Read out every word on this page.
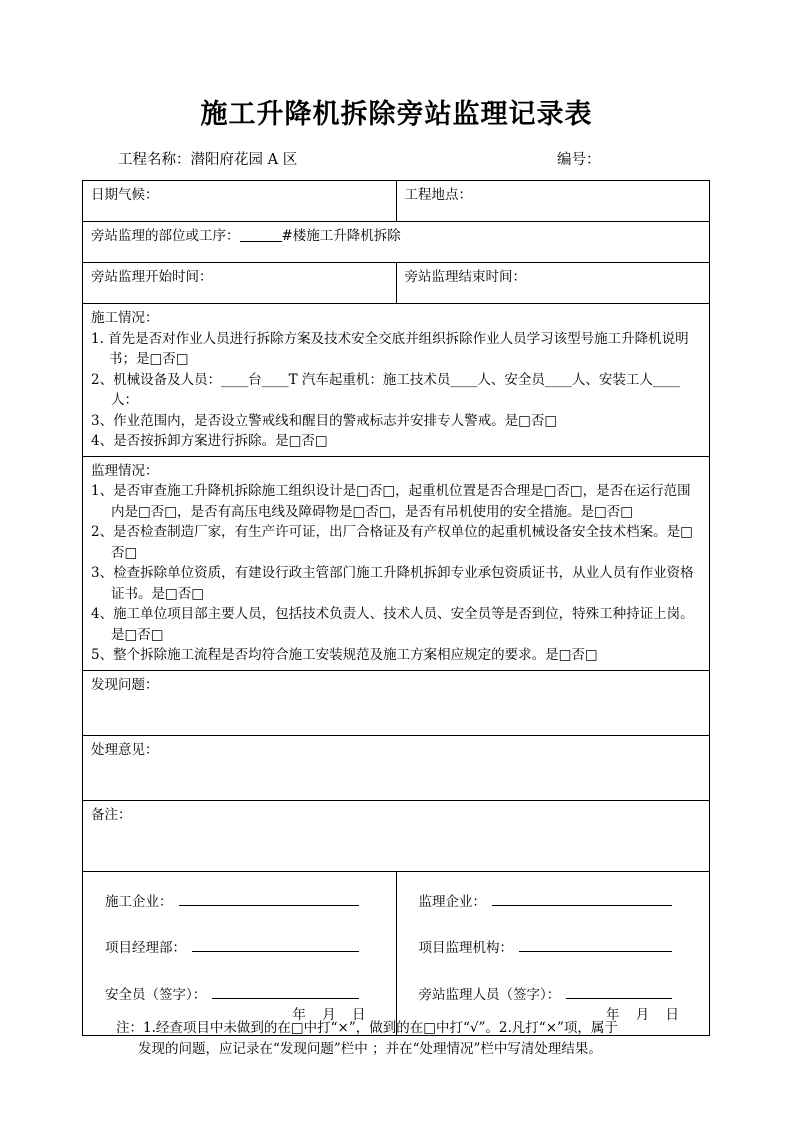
施工升降机拆除旁站监理记录表
工程名称：潜阳府花园 A 区	编号：
日期气候：	工程地点：
旁站监理的部位或工序： #楼施工升降机拆除	
旁站监理开始时间：	旁站监理结束时间：

施工情况：
1. 首先是否对作业人员进行拆除方案及技术安全交底并组织拆除作业人员学习该型号施工升降机说明书；是□否□
2、机械设备及人员：____台____T 汽车起重机：施工技术员____人、安全员____人、安装工人____人：
3、作业范围内，是否设立警戒线和醒目的警戒标志并安排专人警戒。是□否□
4、是否按拆卸方案进行拆除。是□否□	

监理情况：
1、是否审查施工升降机拆除施工组织设计是□否□，起重机位置是否合理是□否□，是否在运行范围内是□否□，是否有高压电线及障碍物是□否□，是否有吊机使用的安全措施。是□否□
2、是否检查制造厂家，有生产许可证，出厂合格证及有产权单位的起重机械设备安全技术档案。是□否□
3、检查拆除单位资质，有建设行政主管部门施工升降机拆卸专业承包资质证书，从业人员有作业资格证书。是□否□
4、施工单位项目部主要人员，包括技术负责人、技术人员、安全员等是否到位，特殊工种持证上岗。是□否□
5、整个拆除施工流程是否均符合施工安装规范及施工方案相应规定的要求。是□否□

发现问题：	
处理意见：	
备注：	

施工企业：
项目经理部：
安全员（签字）：
年 月 日

监理企业：
项目监理机构：
旁站监理人员（签字）：
年 月 日
注：1.经查项目中未做到的在□中打“×”，做到的在□中打“√”。2.凡打“×”项，属于
发现的问题，应记录在“发现问题”栏中 ；并在“处理情况”栏中写清处理结果。
